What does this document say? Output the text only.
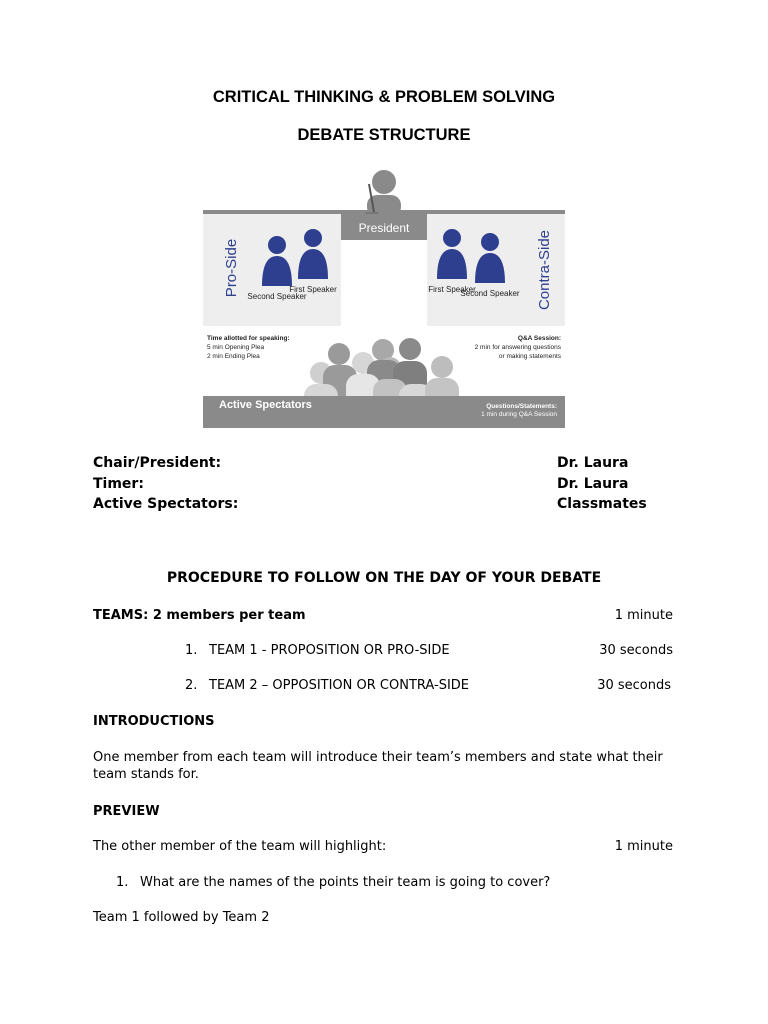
CRITICAL THINKING & PROBLEM SOLVING
DEBATE STRUCTURE
President
Pro-Side	Contra-Side
Second Speaker
First Speaker	First Speaker
Second Speaker
Time allotted for speaking:
5 min Opening Plea
2 min Ending Plea
Q&A Session:
2 min for answering questions
or making statements
Active Spectators	Questions/Statements:
1 min during Q&A Session
Chair/President:	Dr. Laura
Timer:	Dr. Laura
Active Spectators:	Classmates
PROCEDURE TO FOLLOW ON THE DAY OF YOUR DEBATE
TEAMS: 2 members per team	1 minute
1. TEAM 1 - PROPOSITION OR PRO-SIDE	30 seconds
2. TEAM 2 – OPPOSITION OR CONTRA-SIDE	30 seconds
INTRODUCTIONS
One member from each team will introduce their team’s members and state what their
team stands for.
PREVIEW
The other member of the team will highlight:	1 minute
1. What are the names of the points their team is going to cover?
Team 1 followed by Team 2
